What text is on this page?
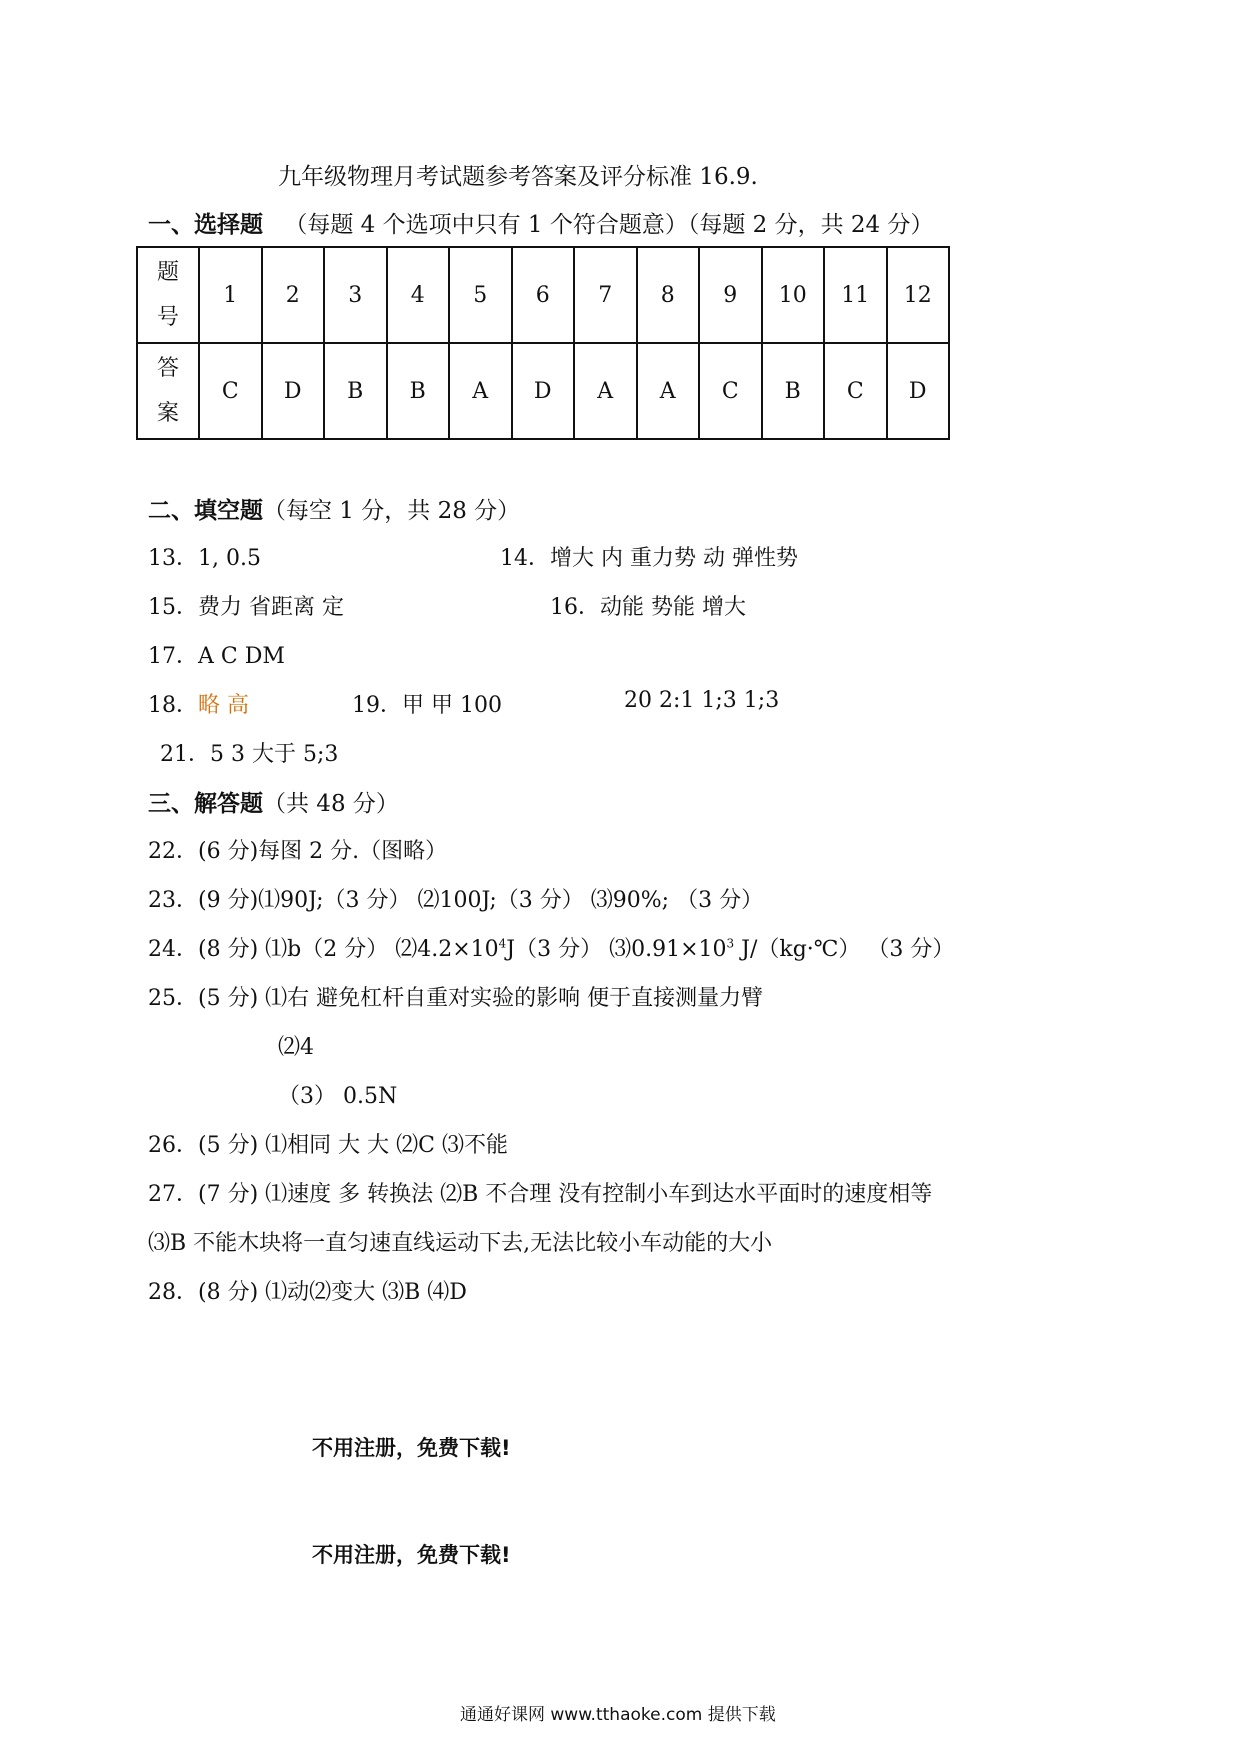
九年级物理月考试题参考答案及评分标准 16.9.
一、选择题 （每题 4 个选项中只有 1 个符合题意）（每题 2 分，共 24 分）
题
号	1	2	3	4	5	6	7	8	9	10	11	12

答
案	C	D	B	B	A	D	A	A	C	B	C	D
二、填空题（每空 1 分，共 28 分）
13．1, 0.5	14．增大 内 重力势 动 弹性势
15．费力 省距离 定	16．动能 势能 增大
17．A C DM
18．略 高	19．甲 甲 100	20 2:1 1;3 1;3
21．5 3 大于 5;3
三、解答题（共 48 分）
22．(6 分)每图 2 分.（图略）
23．(9 分)⑴90J;（3 分） ⑵100J;（3 分） ⑶90%; （3 分）
24．(8 分) ⑴b（2 分） $⑵4.2\times 10^4J(3$ 分） $⑶0.91\times 10^3$ J/（kg·℃） （3 分）
25．(5 分) ⑴右 避免杠杆自重对实验的影响 便于直接测量力臂
⑵4
（3） 0.5N
26．(5 分) ⑴相同 大 大 ⑵C ⑶不能
27．(7 分) ⑴速度 多 转换法 ⑵B 不合理 没有控制小车到达水平面时的速度相等
⑶B 不能木块将一直匀速直线运动下去,无法比较小车动能的大小
28．(8 分) ⑴动⑵变大 ⑶B ⑷D
不用注册，免费下载!
不用注册，免费下载!
通通好课网 www.tthaoke.com 提供下载
